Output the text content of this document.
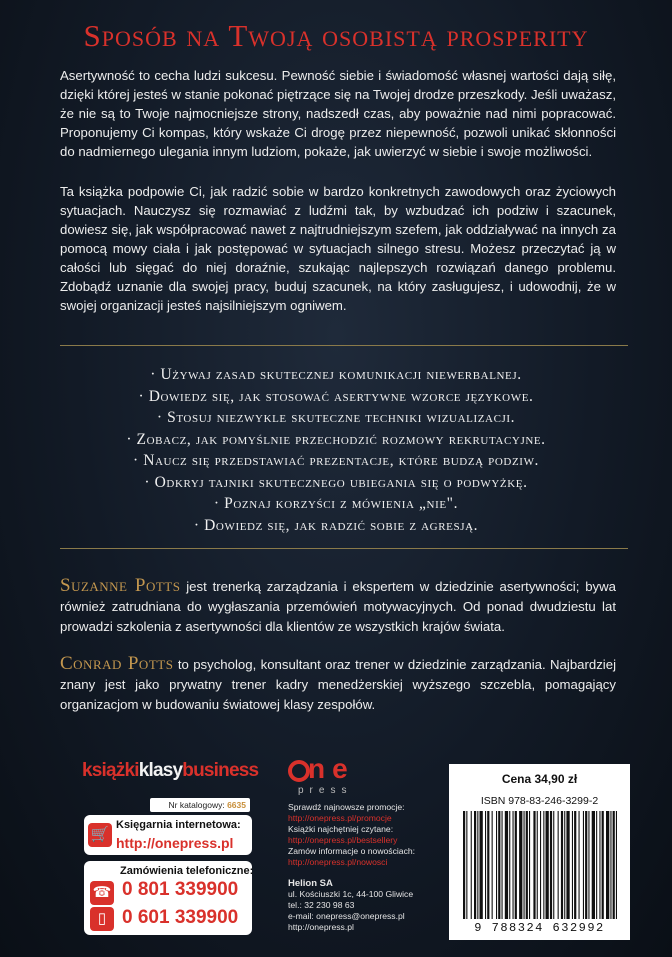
Sposób na Twoją osobistą prosperity
Asertywność to cecha ludzi sukcesu. Pewność siebie i świadomość własnej wartości dają siłę, dzięki której jesteś w stanie pokonać piętrzące się na Twojej drodze przeszkody. Jeśli uważasz, że nie są to Twoje najmocniejsze strony, nadszedł czas, aby poważnie nad nimi popracować. Proponujemy Ci kompas, który wskaże Ci drogę przez niepewność, pozwoli unikać skłonności do nadmiernego ulegania innym ludziom, pokaże, jak uwierzyć w siebie i swoje możliwości.
Ta książka podpowie Ci, jak radzić sobie w bardzo konkretnych zawodowych oraz życiowych sytuacjach. Nauczysz się rozmawiać z ludźmi tak, by wzbudzać ich podziw i szacunek, dowiesz się, jak współpracować nawet z najtrudniejszym szefem, jak oddziaływać na innych za pomocą mowy ciała i jak postępować w sytuacjach silnego stresu. Możesz przeczytać ją w całości lub sięgać do niej doraźnie, szukając najlepszych rozwiązań danego problemu. Zdobądź uznanie dla swojej pracy, buduj szacunek, na który zasługujesz, i udowodnij, że w swojej organizacji jesteś najsilniejszym ogniwem.
· Używaj zasad skutecznej komunikacji niewerbalnej.
· Dowiedz się, jak stosować asertywne wzorce językowe.
· Stosuj niezwykle skuteczne techniki wizualizacji.
· Zobacz, jak pomyślnie przechodzić rozmowy rekrutacyjne.
· Naucz się przedstawiać prezentacje, które budzą podziw.
· Odkryj tajniki skutecznego ubiegania się o podwyżkę.
· Poznaj korzyści z mówienia „nie".
· Dowiedz się, jak radzić sobie z agresją.
Suzanne Potts jest trenerką zarządzania i ekspertem w dziedzinie asertywności; bywa również zatrudniana do wygłaszania przemówień motywacyjnych. Od ponad dwudziestu lat prowadzi szkolenia z asertywności dla klientów ze wszystkich krajów świata.
Conrad Potts to psycholog, konsultant oraz trener w dziedzinie zarządzania. Najbardziej znany jest jako prywatny trener kadry menedżerskiej wyższego szczebla, pomagający organizacjom w budowaniu światowej klasy zespołów.
książkiklasybusiness
Nr katalogowy: 6635
🛒
Księgarnia internetowa:
http://onepress.pl
Zamówienia telefoniczne:
☎ 0 801 339900
▯ 0 601 339900
ne
press
Sprawdź najnowsze promocje:
http://onepress.pl/promocje
Książki najchętniej czytane:
http://onepress.pl/bestsellery
Zamów informacje o nowościach:
http://onepress.pl/nowosci
Helion SA
ul. Kościuszki 1c, 44-100 Gliwice
tel.: 32 230 98 63
e-mail: onepress@onepress.pl
http://onepress.pl
Cena 34,90 zł
ISBN 978-83-246-3299-2
9 788324 632992
